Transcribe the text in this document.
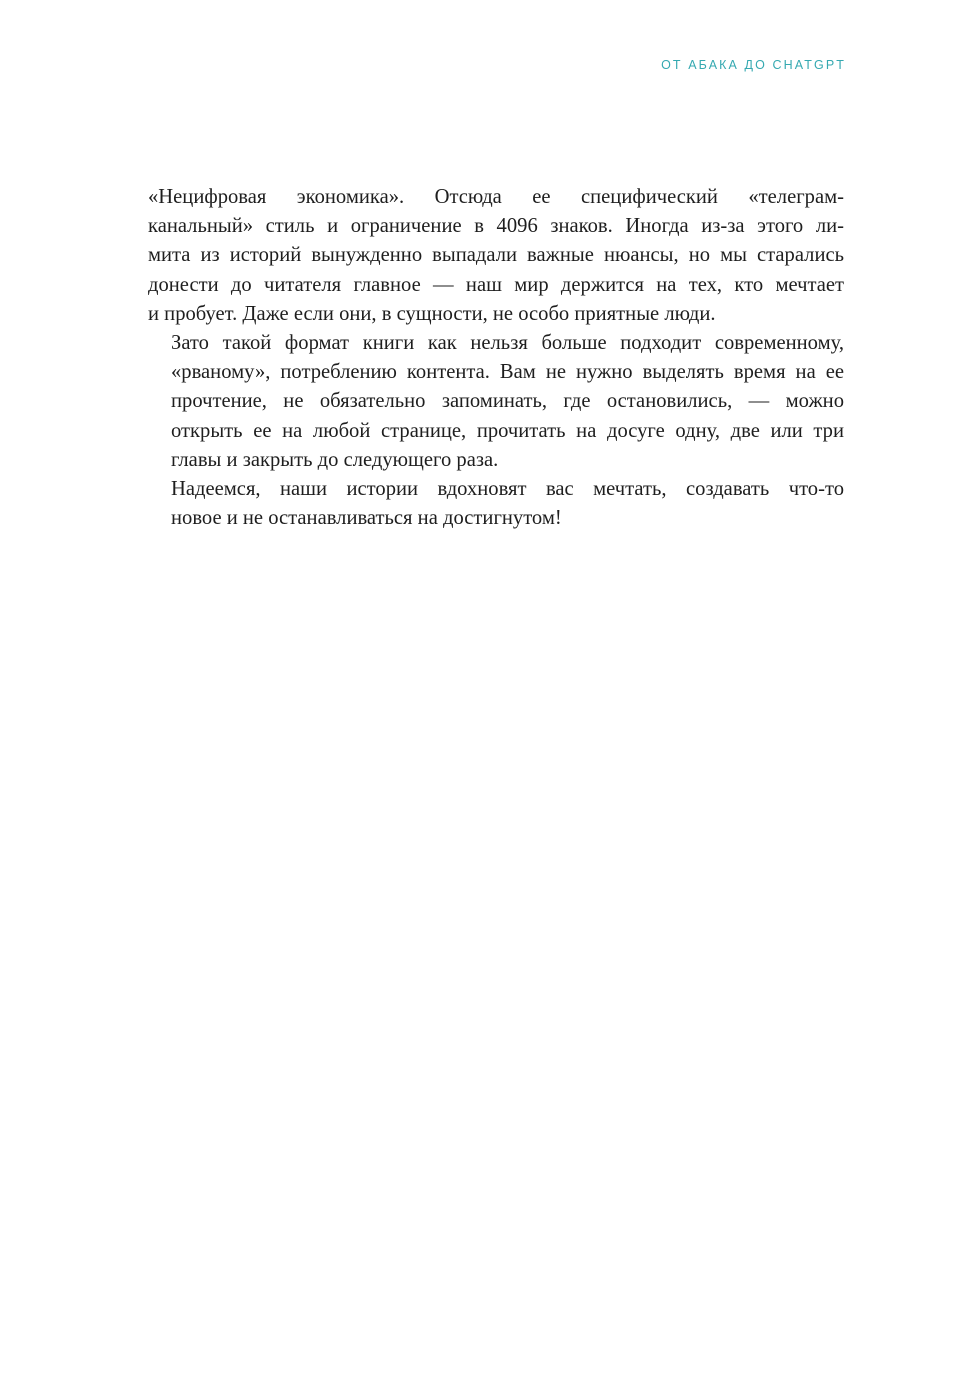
ОТ АБАКА ДО CHATGPT

«Нецифровая экономика». Отсюда ее специфический «телеграм-
канальный» стиль и ограничение в 4096 знаков. Иногда из-за этого ли-
мита из историй вынужденно выпадали важные нюансы, но мы старались
донести до читателя главное — наш мир держится на тех, кто мечтает
и пробует. Даже если они, в сущности, не особо приятные люди.

Зато такой формат книги как нельзя больше подходит современному,
«рваному», потреблению контента. Вам не нужно выделять время на ее
прочтение, не обязательно запоминать, где остановились, — можно
открыть ее на любой странице, прочитать на досуге одну, две или три
главы и закрыть до следующего раза.

Надеемся, наши истории вдохновят вас мечтать, создавать что-то
новое и не останавливаться на достигнутом!
